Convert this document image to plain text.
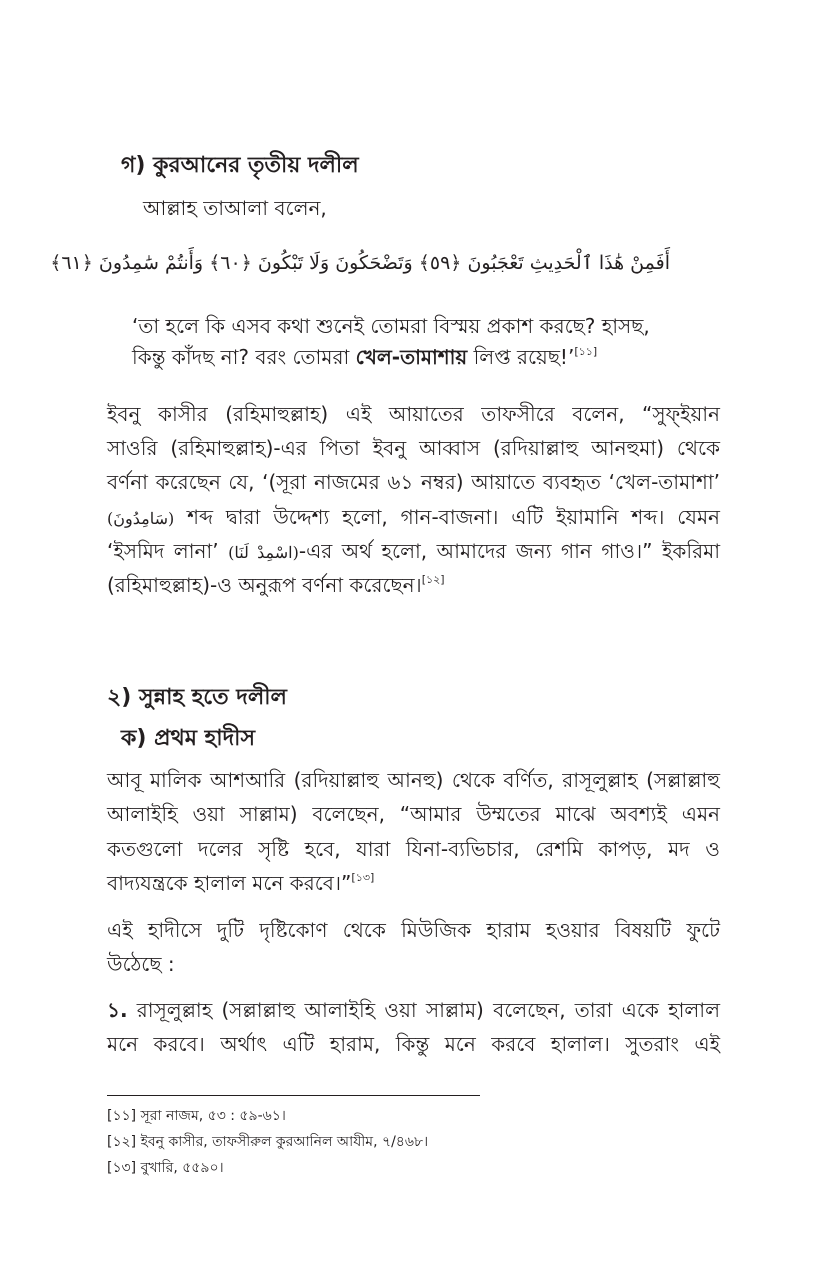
গ) কুরআনের তৃতীয় দলীল
আল্লাহ তাআলা বলেন,
أَفَمِنْ هَٰذَا ٱلْحَدِيثِ تَعْجَبُونَ ﴿٥٩﴾ وَتَضْحَكُونَ وَلَا تَبْكُونَ ﴿٦٠﴾ وَأَنتُمْ سَٰمِدُونَ ﴿٦١﴾
‘তা হলে কি এসব কথা শুনেই তোমরা বিস্ময় প্রকাশ করছে? হাসছ,
কিন্তু কাঁদছ না? বরং তোমরা খেল-তামাশায় লিপ্ত রয়েছ!’[১১]
ইবনু কাসীর (রহিমাহুল্লাহ) এই আয়াতের তাফসীরে বলেন, “সুফ্ইয়ান
সাওরি (রহিমাহুল্লাহ)-এর পিতা ইবনু আব্বাস (রদিয়াল্লাহু আনহুমা) থেকে
বর্ণনা করেছেন যে, ‘(সূরা নাজমের ৬১ নম্বর) আয়াতে ব্যবহৃত ‘খেল-তামাশা’
(سَامِدُونَ) শব্দ দ্বারা উদ্দেশ্য হলো, গান-বাজনা। এটি ইয়ামানি শব্দ। যেমন
‘ইসমিদ লানা’ (اسْمِدْ لَنَا)-এর অর্থ হলো, আমাদের জন্য গান গাও।” ইকরিমা
(রহিমাহুল্লাহ)-ও অনুরূপ বর্ণনা করেছেন।[১২]
২) সুন্নাহ হতে দলীল
ক) প্রথম হাদীস
আবূ মালিক আশআরি (রদিয়াল্লাহু আনহু) থেকে বর্ণিত, রাসূলুল্লাহ (সল্লাল্লাহু
আলাইহি ওয়া সাল্লাম) বলেছেন, “আমার উম্মতের মাঝে অবশ্যই এমন
কতগুলো দলের সৃষ্টি হবে, যারা যিনা-ব্যভিচার, রেশমি কাপড়, মদ ও
বাদ্যযন্ত্রকে হালাল মনে করবে।”[১৩]
এই হাদীসে দুটি দৃষ্টিকোণ থেকে মিউজিক হারাম হওয়ার বিষয়টি ফুটে
উঠেছে :
১. রাসূলুল্লাহ (সল্লাল্লাহু আলাইহি ওয়া সাল্লাম) বলেছেন, তারা একে হালাল
মনে করবে। অর্থাৎ এটি হারাম, কিন্তু মনে করবে হালাল। সুতরাং এই
[১১] সূরা নাজম, ৫৩ : ৫৯-৬১।
[১২] ইবনু কাসীর, তাফসীরুল কুরআনিল আযীম, ৭/৪৬৮।
[১৩] বুখারি, ৫৫৯০।
